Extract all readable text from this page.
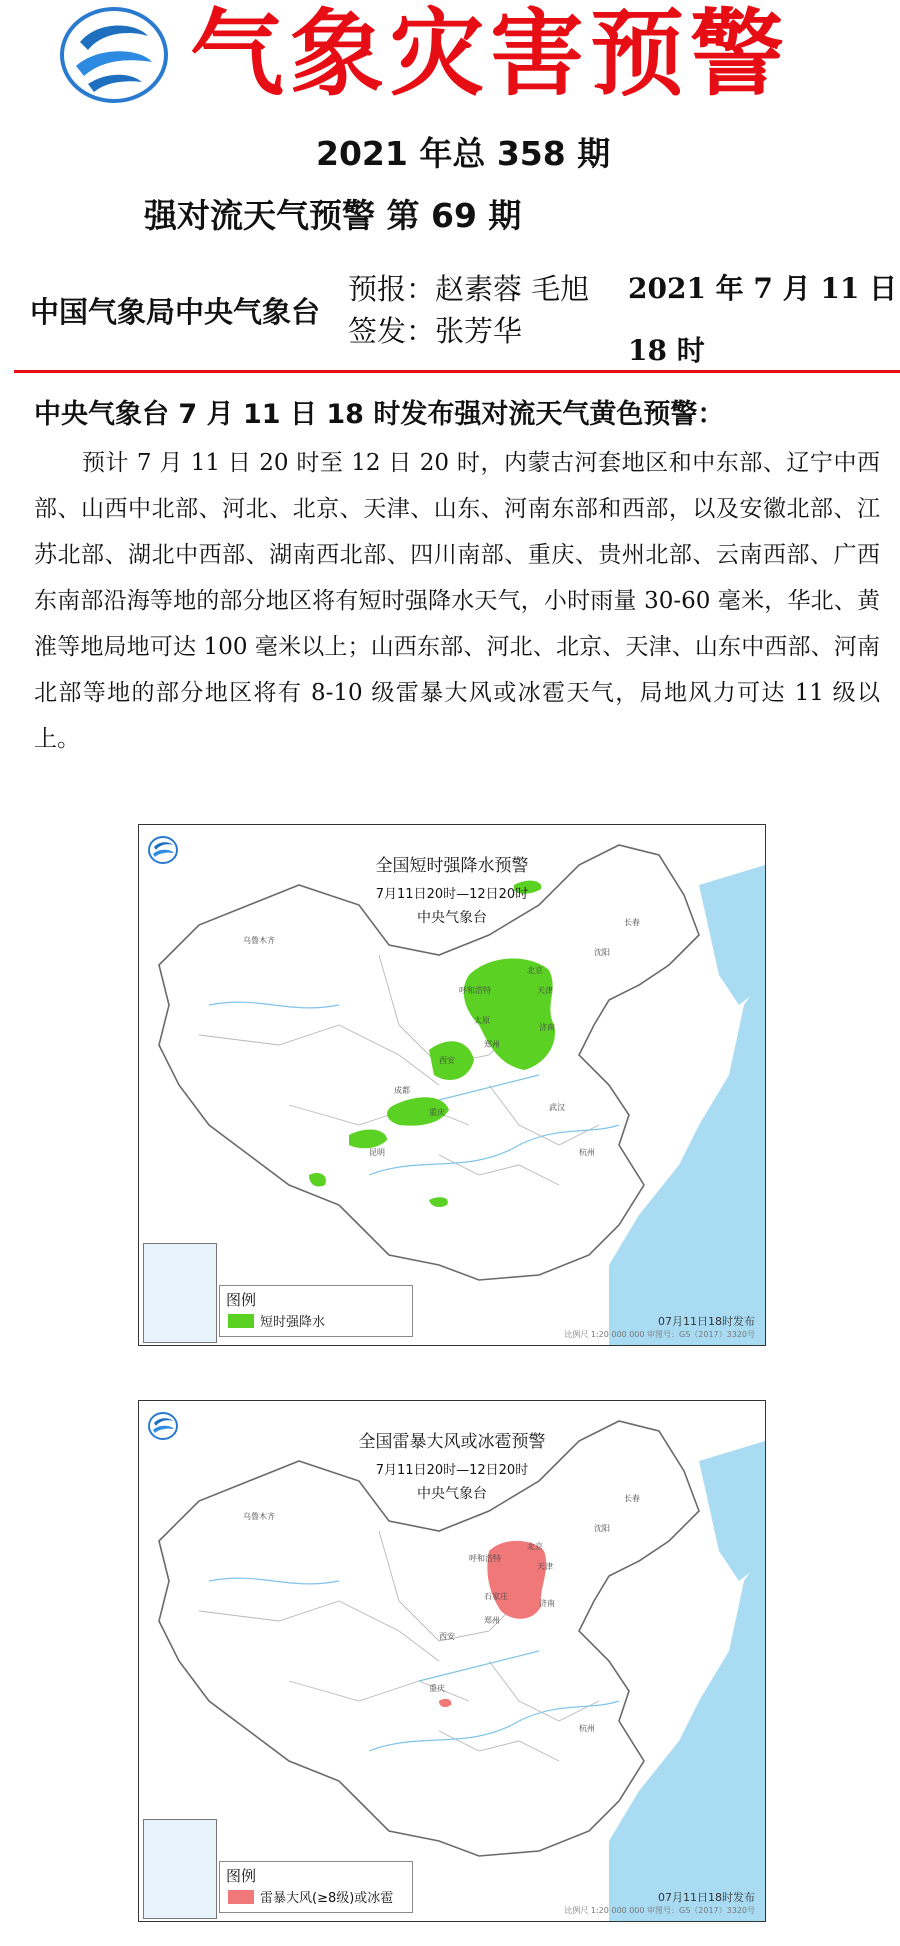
气象灾害预警
2021 年总 358 期
强对流天气预警 第 69 期
中国气象局中央气象台
预报：赵素蓉 毛旭
签发：张芳华
2021 年 7 月 11 日 18 时
中央气象台 7 月 11 日 18 时发布强对流天气黄色预警：
预计 7 月 11 日 20 时至 12 日 20 时，内蒙古河套地区和中东部、辽宁中西部、山西中北部、河北、北京、天津、山东、河南东部和西部，以及安徽北部、江苏北部、湖北中西部、湖南西北部、四川南部、重庆、贵州北部、云南西部、广西东南部沿海等地的部分地区将有短时强降水天气，小时雨量 30-60 毫米，华北、黄淮等地局地可达 100 毫米以上；山西东部、河北、北京、天津、山东中西部、河南北部等地的部分地区将有 8-10 级雷暴大风或冰雹天气，局地风力可达 11 级以上。
乌鲁木齐
北京
天津
呼和浩特
太原
济南
郑州
西安
成都
重庆
昆明	杭州
武汉
沈阳
长春
全国短时强降水预警
7月11日20时—12日20时
中央气象台
图例
短时强降水	07月11日18时发布
比例尺 1:20 000 000 审图号：GS（2017）3320号
乌鲁木齐
北京
天津
呼和浩特
石家庄
济南
郑州
西安
重庆
杭州
沈阳
长春
全国雷暴大风或冰雹预警
7月11日20时—12日20时
中央气象台
图例
雷暴大风(≥8级)或冰雹	07月11日18时发布
比例尺 1:20 000 000 审图号：GS（2017）3320号
